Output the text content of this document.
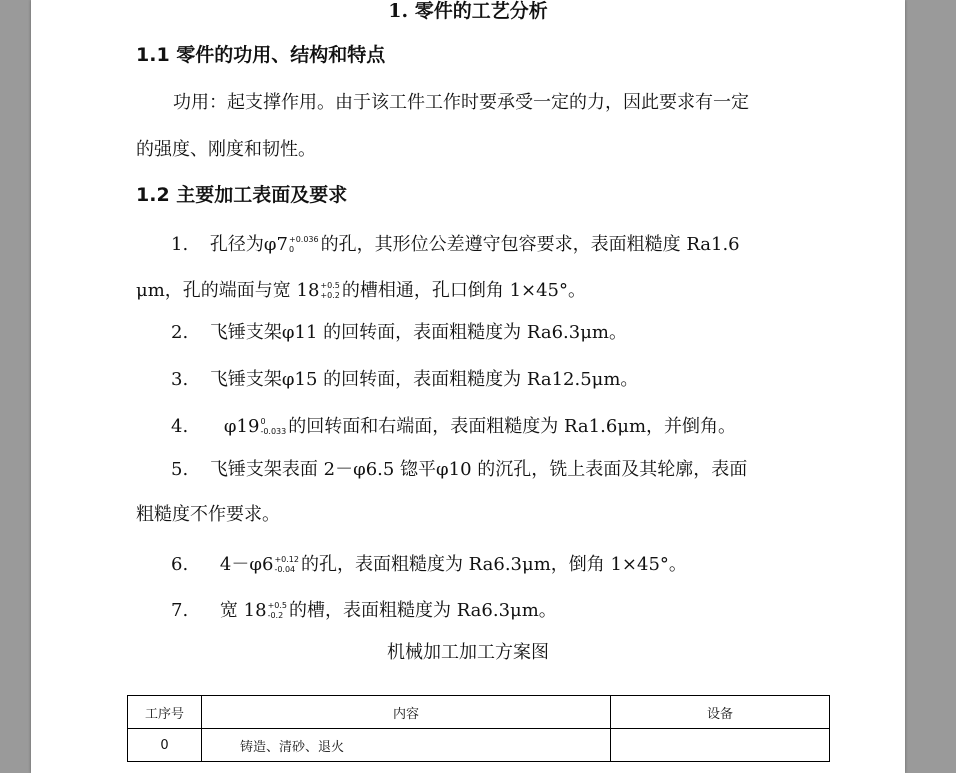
1. 零件的工艺分析
1.1 零件的功用、结构和特点
功用：起支撑作用。由于该工件工作时要承受一定的力，因此要求有一定
的强度、刚度和韧性。
1.2 主要加工表面及要求
1. 孔径为φ7 +0.036
0	的孔，其形位公差遵守包容要求，表面粗糙度 Ra1.6
μm，孔的端面与宽 18 +0.5
+0.2 的槽相通，孔口倒角 1×45°。
2. 飞锤支架φ11 的回转面，表面粗糙度为 Ra6.3μm。
3. 飞锤支架φ15 的回转面，表面粗糙度为 Ra12.5μm。
4. φ19 0
-0.033 的回转面和右端面，表面粗糙度为 Ra1.6μm，并倒角。
5. 飞锤支架表面 2－φ6.5 锪平φ10 的沉孔，铣上表面及其轮廓，表面
粗糙度不作要求。
6. 4－φ6 +0.12
-0.04 的孔，表面粗糙度为 Ra6.3μm，倒角 1×45°。
7. 宽 18 +0.5
-0.2 的槽，表面粗糙度为 Ra6.3μm。
机械加工加工方案图
工序号	内容	设备
0	铸造、清砂、退火	
